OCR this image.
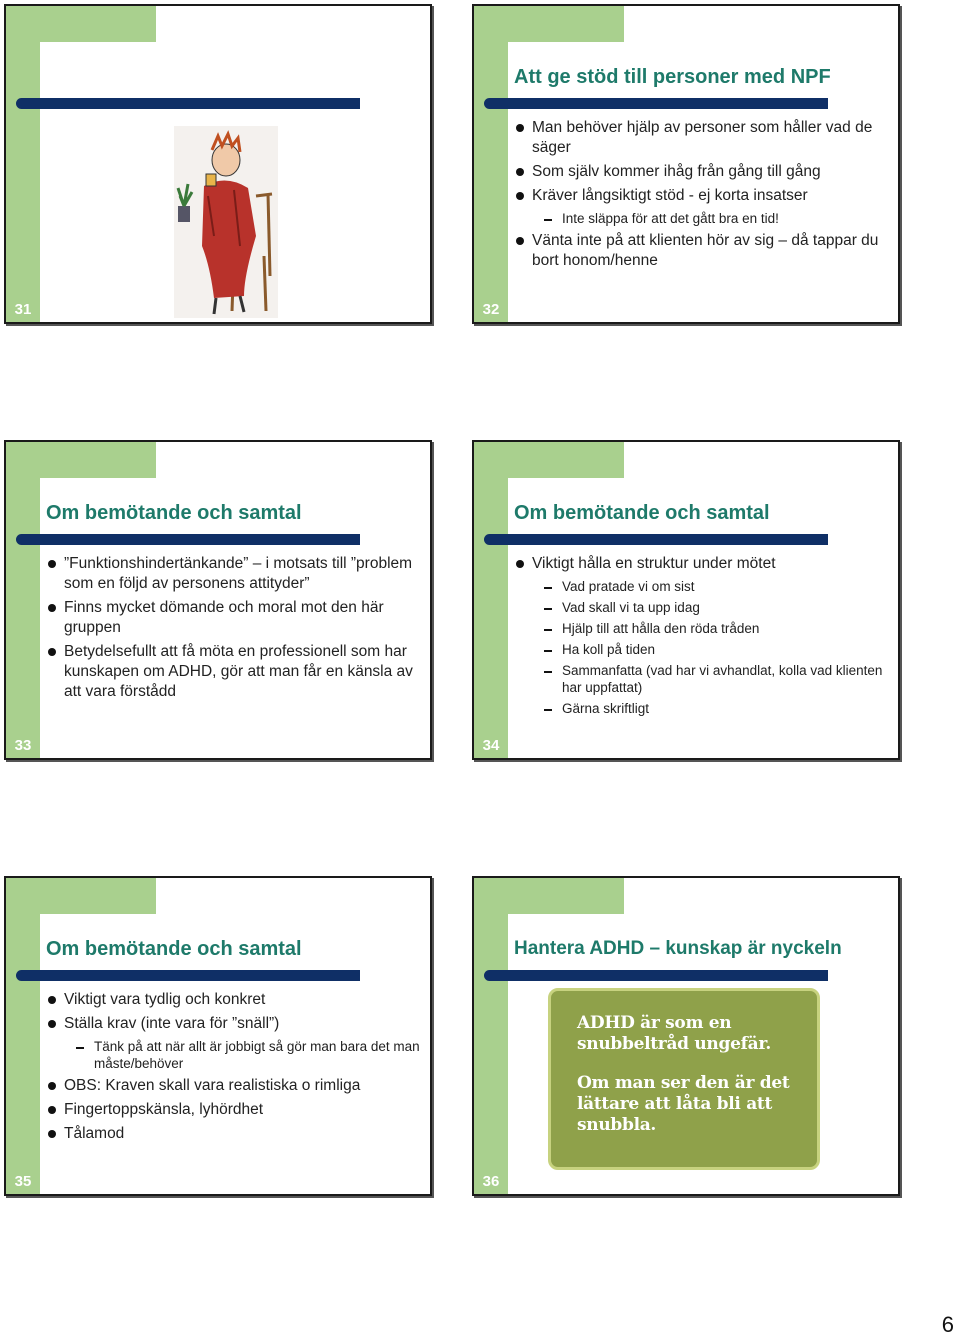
31
Att ge stöd till personer med NPF
Man behöver hjälp av personer som håller vad de säger
Som själv kommer ihåg från gång till gång
Kräver långsiktigt stöd - ej korta insatser
Inte släppa för att det gått bra en tid!
Vänta inte på att klienten hör av sig – då tappar du bort honom/henne
32
Om bemötande och samtal
”Funktionshindertänkande” – i motsats till ”problem som en följd av personens attityder”
Finns mycket dömande och moral mot den här gruppen
Betydelsefullt att få möta en professionell som har kunskapen om ADHD, gör att man får en känsla av att vara förstådd
33
Om bemötande och samtal
Viktigt hålla en struktur under mötet
Vad pratade vi om sist
Vad skall vi ta upp idag
Hjälp till att hålla den röda tråden
Ha koll på tiden
Sammanfatta (vad har vi avhandlat, kolla vad klienten har uppfattat)
Gärna skriftligt
34
Om bemötande och samtal
Viktigt vara tydlig och konkret
Ställa krav (inte vara för ”snäll”)
Tänk på att när allt är jobbigt så gör man bara det man måste/behöver
OBS: Kraven skall vara realistiska o rimliga
Fingertoppskänsla, lyhördhet
Tålamod
35
Hantera ADHD – kunskap är nyckeln

ADHD är som en snubbeltråd ungefär.

Om man ser den är det lättare att låta bli att snubbla.

36
6
